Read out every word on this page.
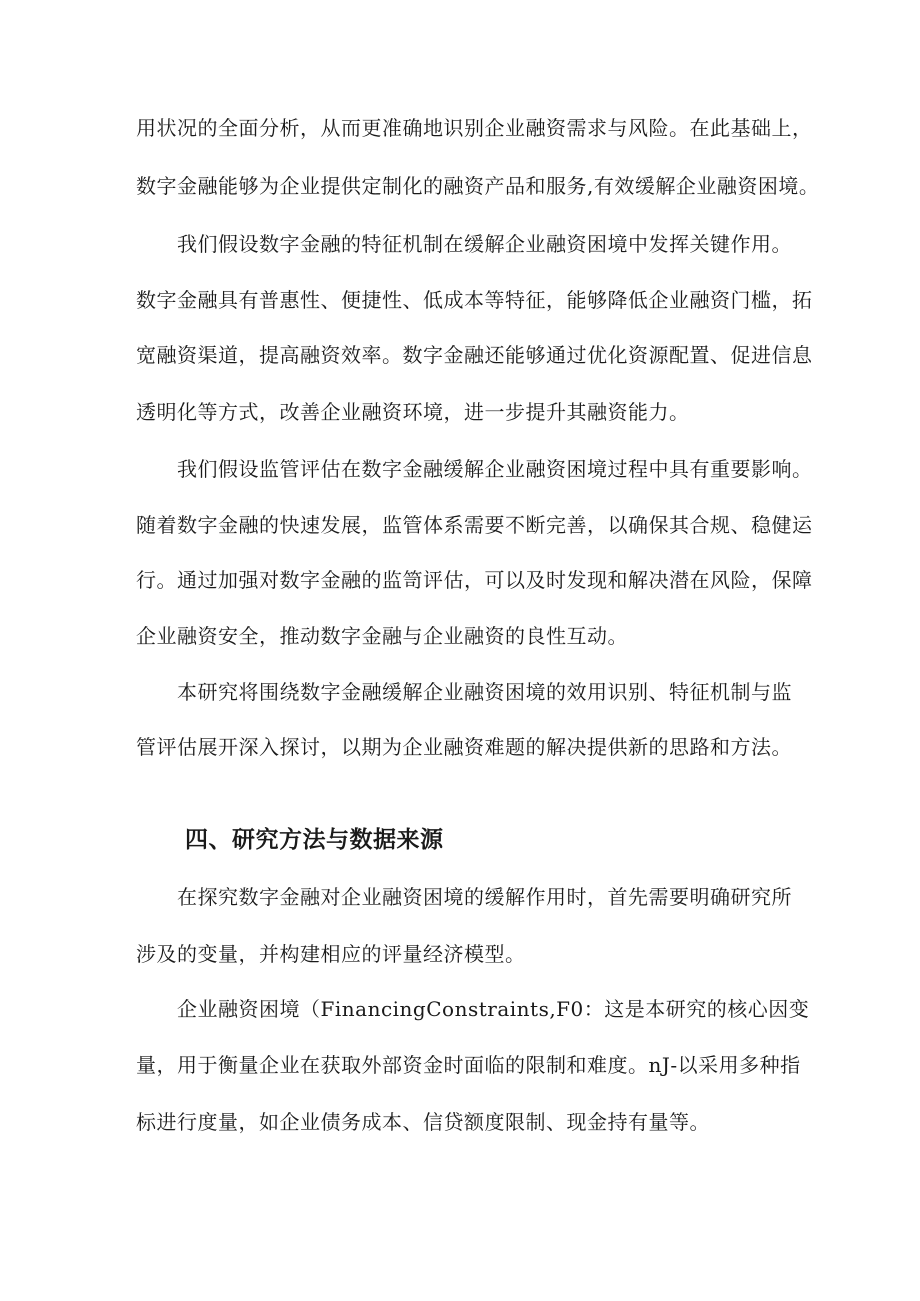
用状况的全面分析，从而更准确地识别企业融资需求与风险。在此基础上，
数字金融能够为企业提供定制化的融资产品和服务,有效缓解企业融资困境。
我们假设数字金融的特征机制在缓解企业融资困境中发挥关键作用。
数字金融具有普惠性、便捷性、低成本等特征，能够降低企业融资门槛，拓
宽融资渠道，提高融资效率。数字金融还能够通过优化资源配置、促进信息
透明化等方式，改善企业融资环境，进一步提升其融资能力。
我们假设监管评估在数字金融缓解企业融资困境过程中具有重要影响。
随着数字金融的快速发展，监管体系需要不断完善，以确保其合规、稳健运
行。通过加强对数字金融的监笥评估，可以及时发现和解决潜在风险，保障
企业融资安全，推动数字金融与企业融资的良性互动。
本研究将围绕数字金融缓解企业融资困境的效用识别、特征机制与监
管评估展开深入探讨，以期为企业融资难题的解决提供新的思路和方法。
四、研究方法与数据来源
在探究数字金融对企业融资困境的缓解作用时，首先需要明确研究所
涉及的变量，并构建相应的评量经济模型。
企业融资困境（FinancingConstraints,F0：这是本研究的核心因变
量，用于衡量企业在获取外部资金时面临的限制和难度。nJ-以采用多种指
标进行度量，如企业债务成本、信贷额度限制、现金持有量等。
